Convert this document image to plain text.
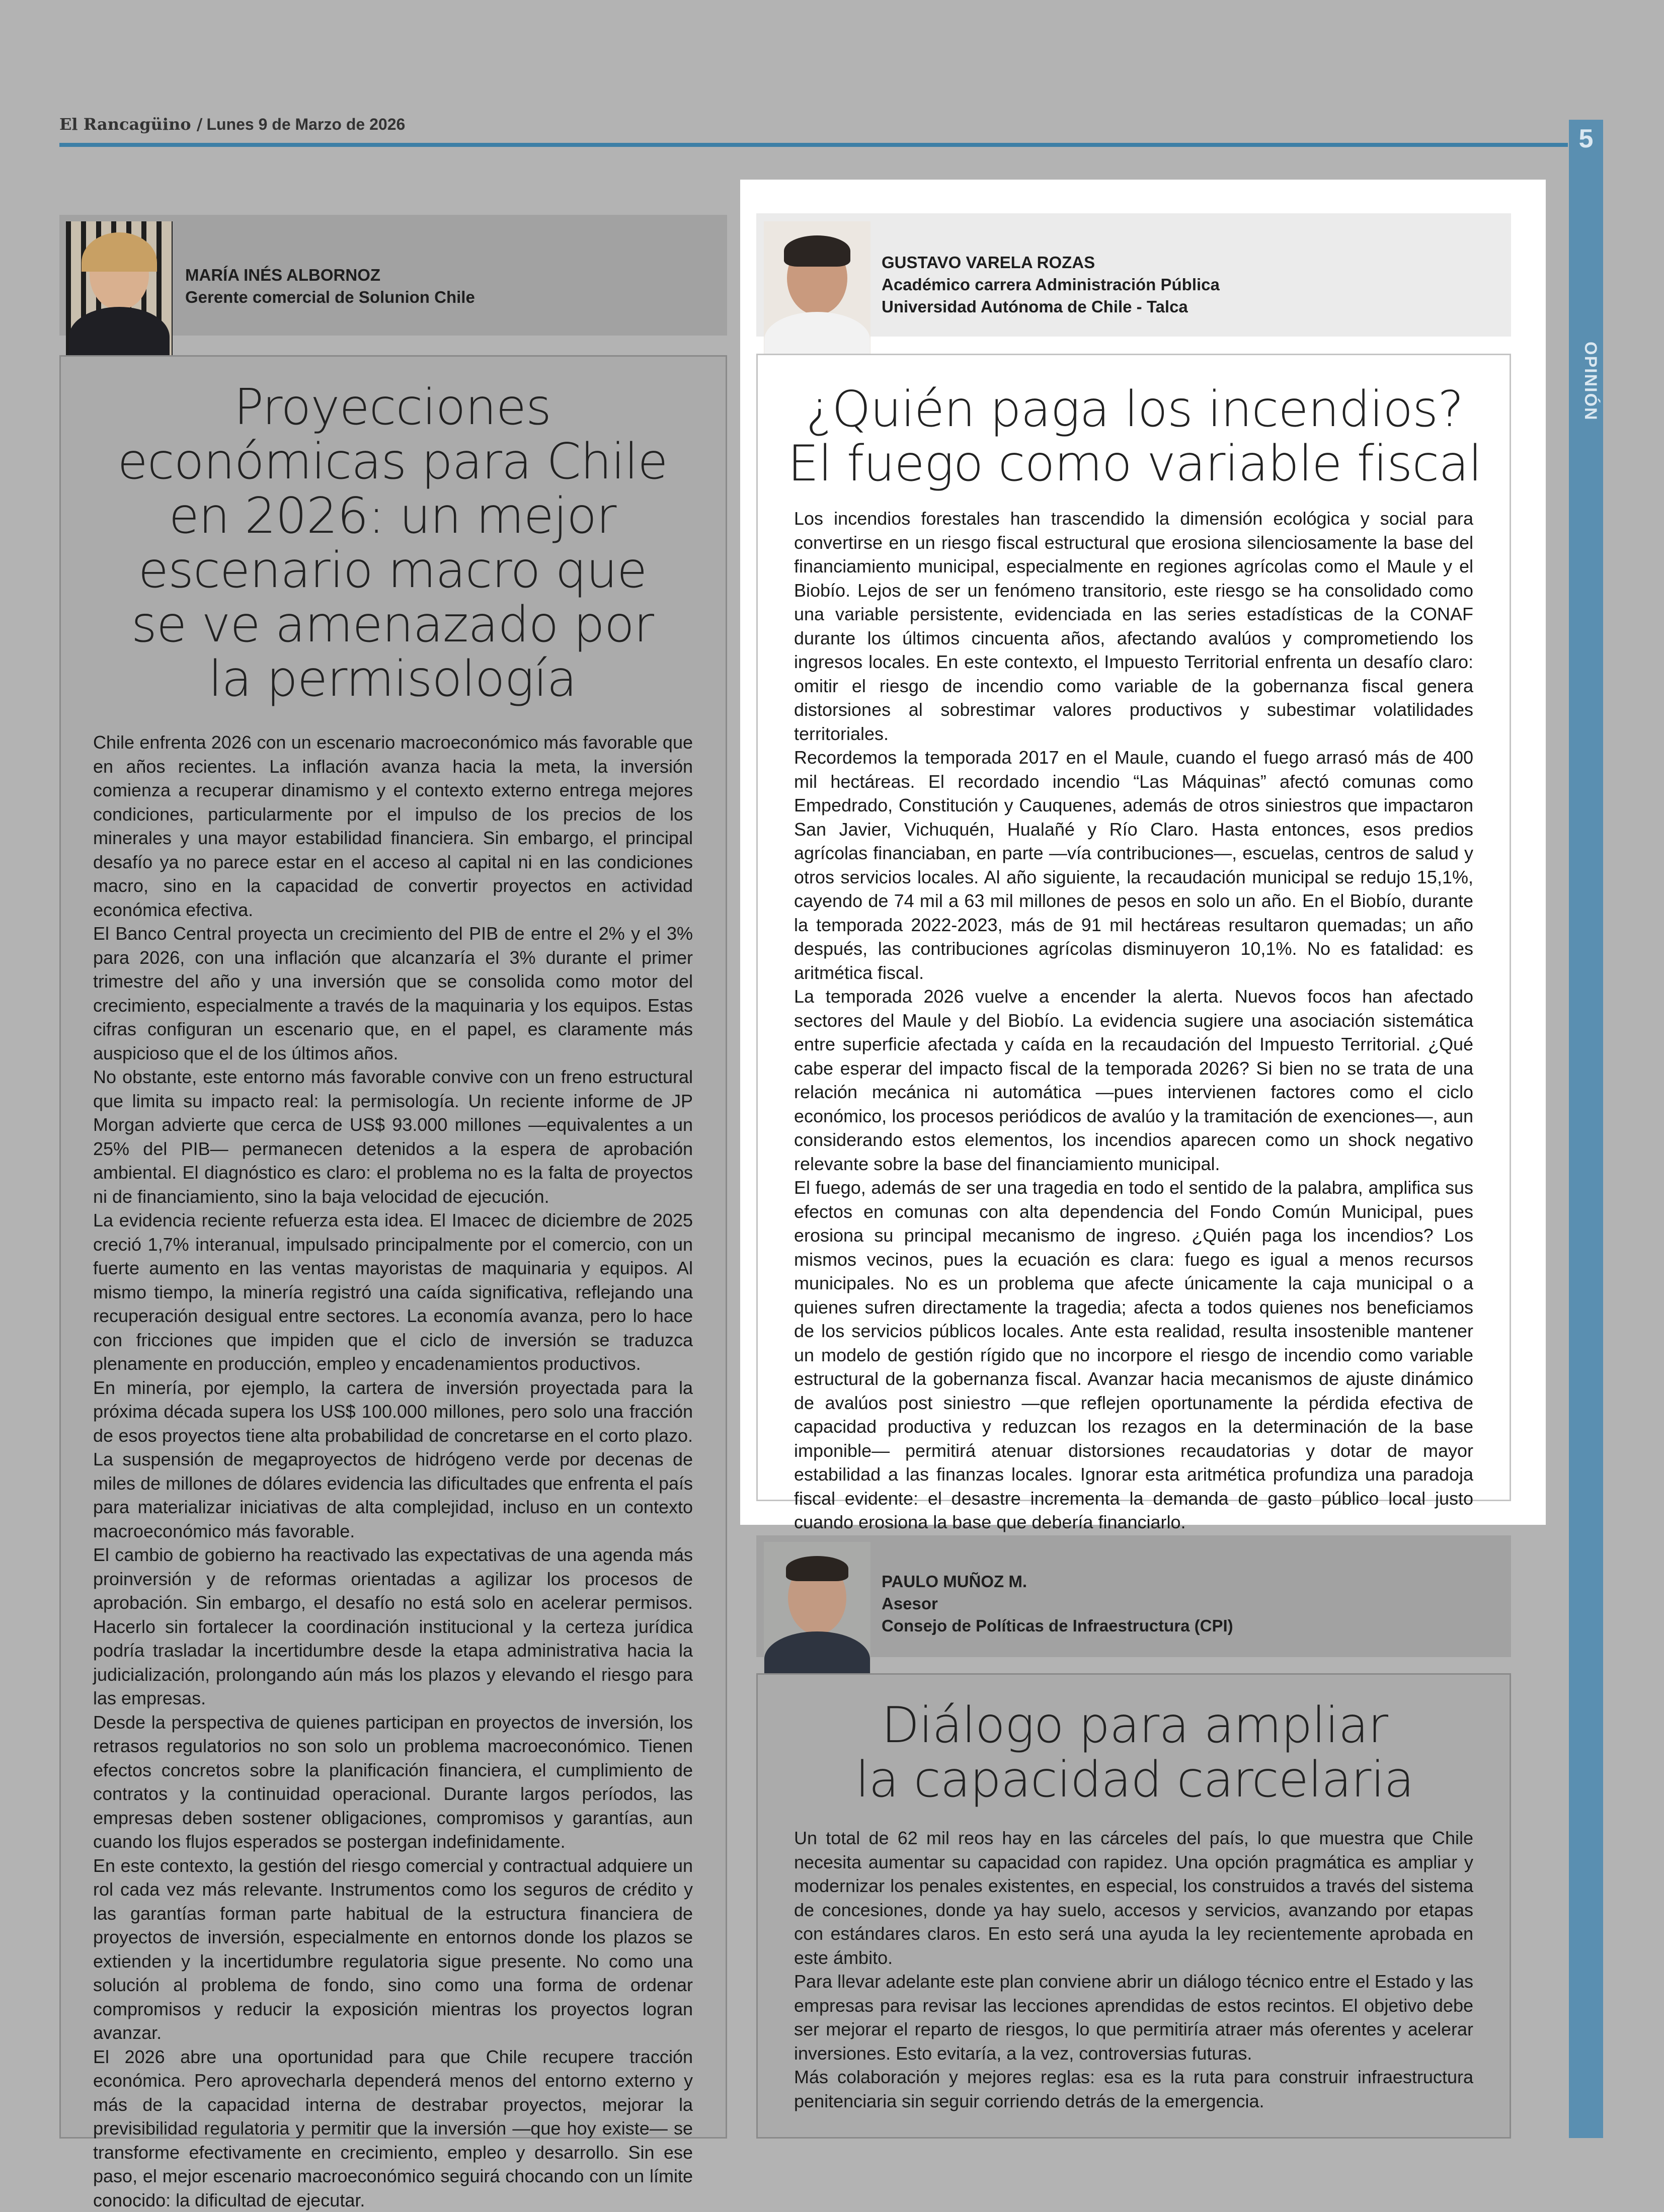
El Rancagüino / Lunes 9 de Marzo de 2026	5
OPINIÓN
MARÍA INÉS ALBORNOZ
Gerente comercial de Solunion Chile
Proyecciones
económicas para Chile
en 2026: un mejor
escenario macro que
se ve amenazado por
la permisología

Chile enfrenta 2026 con un escenario macroeconómico más favorable que en años recientes. La inflación avanza hacia la meta, la inversión comienza a recuperar dinamismo y el contexto externo entrega mejores condiciones, particularmente por el impulso de los precios de los minerales y una mayor estabilidad financiera. Sin embargo, el principal desafío ya no parece estar en el acceso al capital ni en las condiciones macro, sino en la capacidad de convertir proyectos en actividad económica efectiva.

El Banco Central proyecta un crecimiento del PIB de entre el 2% y el 3% para 2026, con una inflación que alcanzaría el 3% durante el primer trimestre del año y una inversión que se consolida como motor del crecimiento, especialmente a través de la maquinaria y los equipos. Estas cifras configuran un escenario que, en el papel, es claramente más auspicioso que el de los últimos años.

No obstante, este entorno más favorable convive con un freno estructural que limita su impacto real: la permisología. Un reciente informe de JP Morgan advierte que cerca de US$ 93.000 millones —equivalentes a un 25% del PIB— permanecen detenidos a la espera de aprobación ambiental. El diagnóstico es claro: el problema no es la falta de proyectos ni de financiamiento, sino la baja velocidad de ejecución.

La evidencia reciente refuerza esta idea. El Imacec de diciembre de 2025 creció 1,7% interanual, impulsado principalmente por el comercio, con un fuerte aumento en las ventas mayoristas de maquinaria y equipos. Al mismo tiempo, la minería registró una caída significativa, reflejando una recuperación desigual entre sectores. La economía avanza, pero lo hace con fricciones que impiden que el ciclo de inversión se traduzca plenamente en producción, empleo y encadenamientos productivos.

En minería, por ejemplo, la cartera de inversión proyectada para la próxima década supera los US$ 100.000 millones, pero solo una fracción de esos proyectos tiene alta probabilidad de concretarse en el corto plazo. La suspensión de megaproyectos de hidrógeno verde por decenas de miles de millones de dólares evidencia las dificultades que enfrenta el país para materializar iniciativas de alta complejidad, incluso en un contexto macroeconómico más favorable.

El cambio de gobierno ha reactivado las expectativas de una agenda más proinversión y de reformas orientadas a agilizar los procesos de aprobación. Sin embargo, el desafío no está solo en acelerar permisos. Hacerlo sin fortalecer la coordinación institucional y la certeza jurídica podría trasladar la incertidumbre desde la etapa administrativa hacia la judicialización, prolongando aún más los plazos y elevando el riesgo para las empresas.

Desde la perspectiva de quienes participan en proyectos de inversión, los retrasos regulatorios no son solo un problema macroeconómico. Tienen efectos concretos sobre la planificación financiera, el cumplimiento de contratos y la continuidad operacional. Durante largos períodos, las empresas deben sostener obligaciones, compromisos y garantías, aun cuando los flujos esperados se postergan indefinidamente.

En este contexto, la gestión del riesgo comercial y contractual adquiere un rol cada vez más relevante. Instrumentos como los seguros de crédito y las garantías forman parte habitual de la estructura financiera de proyectos de inversión, especialmente en entornos donde los plazos se extienden y la incertidumbre regulatoria sigue presente. No como una solución al problema de fondo, sino como una forma de ordenar compromisos y reducir la exposición mientras los proyectos logran avanzar.

El 2026 abre una oportunidad para que Chile recupere tracción económica. Pero aprovecharla dependerá menos del entorno externo y más de la capacidad interna de destrabar proyectos, mejorar la previsibilidad regulatoria y permitir que la inversión —que hoy existe— se transforme efectivamente en crecimiento, empleo y desarrollo. Sin ese paso, el mejor escenario macroeconómico seguirá chocando con un límite conocido: la dificultad de ejecutar.

GUSTAVO VARELA ROZAS
Académico carrera Administración Pública
Universidad Autónoma de Chile - Talca
¿Quién paga los incendios?
El fuego como variable fiscal

Los incendios forestales han trascendido la dimensión ecológica y social para convertirse en un riesgo fiscal estructural que erosiona silenciosamente la base del financiamiento municipal, especialmente en regiones agrícolas como el Maule y el Biobío. Lejos de ser un fenómeno transitorio, este riesgo se ha consolidado como una variable persistente, evidenciada en las series estadísticas de la CONAF durante los últimos cincuenta años, afectando avalúos y comprometiendo los ingresos locales. En este contexto, el Impuesto Territorial enfrenta un desafío claro: omitir el riesgo de incendio como variable de la gobernanza fiscal genera distorsiones al sobrestimar valores productivos y subestimar volatilidades territoriales.

Recordemos la temporada 2017 en el Maule, cuando el fuego arrasó más de 400 mil hectáreas. El recordado incendio “Las Máquinas” afectó comunas como Empedrado, Constitución y Cauquenes, además de otros siniestros que impactaron San Javier, Vichuquén, Hualañé y Río Claro. Hasta entonces, esos predios agrícolas financiaban, en parte —vía contribuciones—, escuelas, centros de salud y otros servicios locales. Al año siguiente, la recaudación municipal se redujo 15,1%, cayendo de 74 mil a 63 mil millones de pesos en solo un año. En el Biobío, durante la temporada 2022-2023, más de 91 mil hectáreas resultaron quemadas; un año después, las contribuciones agrícolas disminuyeron 10,1%. No es fatalidad: es aritmética fiscal.

La temporada 2026 vuelve a encender la alerta. Nuevos focos han afectado sectores del Maule y del Biobío. La evidencia sugiere una asociación sistemática entre superficie afectada y caída en la recaudación del Impuesto Territorial. ¿Qué cabe esperar del impacto fiscal de la temporada 2026? Si bien no se trata de una relación mecánica ni automática —pues intervienen factores como el ciclo económico, los procesos periódicos de avalúo y la tramitación de exenciones—, aun considerando estos elementos, los incendios aparecen como un shock negativo relevante sobre la base del financiamiento municipal.

El fuego, además de ser una tragedia en todo el sentido de la palabra, amplifica sus efectos en comunas con alta dependencia del Fondo Común Municipal, pues erosiona su principal mecanismo de ingreso. ¿Quién paga los incendios? Los mismos vecinos, pues la ecuación es clara: fuego es igual a menos recursos municipales. No es un problema que afecte únicamente la caja municipal o a quienes sufren directamente la tragedia; afecta a todos quienes nos beneficiamos de los servicios públicos locales. Ante esta realidad, resulta insostenible mantener un modelo de gestión rígido que no incorpore el riesgo de incendio como variable estructural de la gobernanza fiscal. Avanzar hacia mecanismos de ajuste dinámico de avalúos post siniestro —que reflejen oportunamente la pérdida efectiva de capacidad productiva y reduzcan los rezagos en la determinación de la base imponible— permitirá atenuar distorsiones recaudatorias y dotar de mayor estabilidad a las finanzas locales. Ignorar esta aritmética profundiza una paradoja fiscal evidente: el desastre incrementa la demanda de gasto público local justo cuando erosiona la base que debería financiarlo.

PAULO MUÑOZ M.
Asesor
Consejo de Políticas de Infraestructura (CPI)
Diálogo para ampliar
la capacidad carcelaria

Un total de 62 mil reos hay en las cárceles del país, lo que muestra que Chile necesita aumentar su capacidad con rapidez. Una opción pragmática es ampliar y modernizar los penales existentes, en especial, los construidos a través del sistema de concesiones, donde ya hay suelo, accesos y servicios, avanzando por etapas con estándares claros. En esto será una ayuda la ley recientemente aprobada en este ámbito.

Para llevar adelante este plan conviene abrir un diálogo técnico entre el Estado y las empresas para revisar las lecciones aprendidas de estos recintos. El objetivo debe ser mejorar el reparto de riesgos, lo que permitiría atraer más oferentes y acelerar inversiones. Esto evitaría, a la vez, controversias futuras.

Más colaboración y mejores reglas: esa es la ruta para construir infraestructura penitenciaria sin seguir corriendo detrás de la emergencia.
